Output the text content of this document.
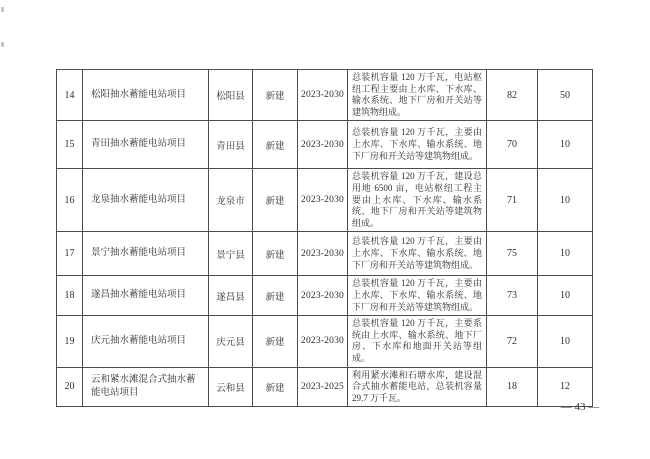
14	松阳抽水蓄能电站项目	松阳县	新建	2023-2030	总装机容量 120 万千瓦，电站枢纽工程主要由上水库、下水库、输水系统、地下厂房和开关站等建筑物组成。	82	50
15	青田抽水蓄能电站项目	青田县	新建	2023-2030	总装机容量 120 万千瓦，主要由上水库、下水库、输水系统、地下厂房和开关站等建筑物组成。	70	10
16	龙泉抽水蓄能电站项目	龙泉市	新建	2023-2030	总装机容量 120 万千瓦，建设总用地 6500 亩，电站枢纽工程主要由上水库、下水库、输水系统、地下厂房和开关站等建筑物组成。	71	10
17	景宁抽水蓄能电站项目	景宁县	新建	2023-2030	总装机容量 120 万千瓦，主要由上水库、下水库、输水系统、地下厂房和开关站等建筑物组成。	75	10
18	遂昌抽水蓄能电站项目	遂昌县	新建	2023-2030	总装机容量 120 万千瓦，主要由上水库、下水库、输水系统、地下厂房和开关站等建筑物组成。	73	10
19	庆元抽水蓄能电站项目	庆元县	新建	2023-2030	总装机容量 120 万千瓦，主要系统由上水库、输水系统、地下厂房、下水库和地面开关站等组成。	72	10
20	云和紧水滩混合式抽水蓄能电站项目	云和县	新建	2023-2025	利用紧水滩和石塘水库，建设混合式抽水蓄能电站，总装机容量 29.7 万千瓦。	18	12
— 43 —
